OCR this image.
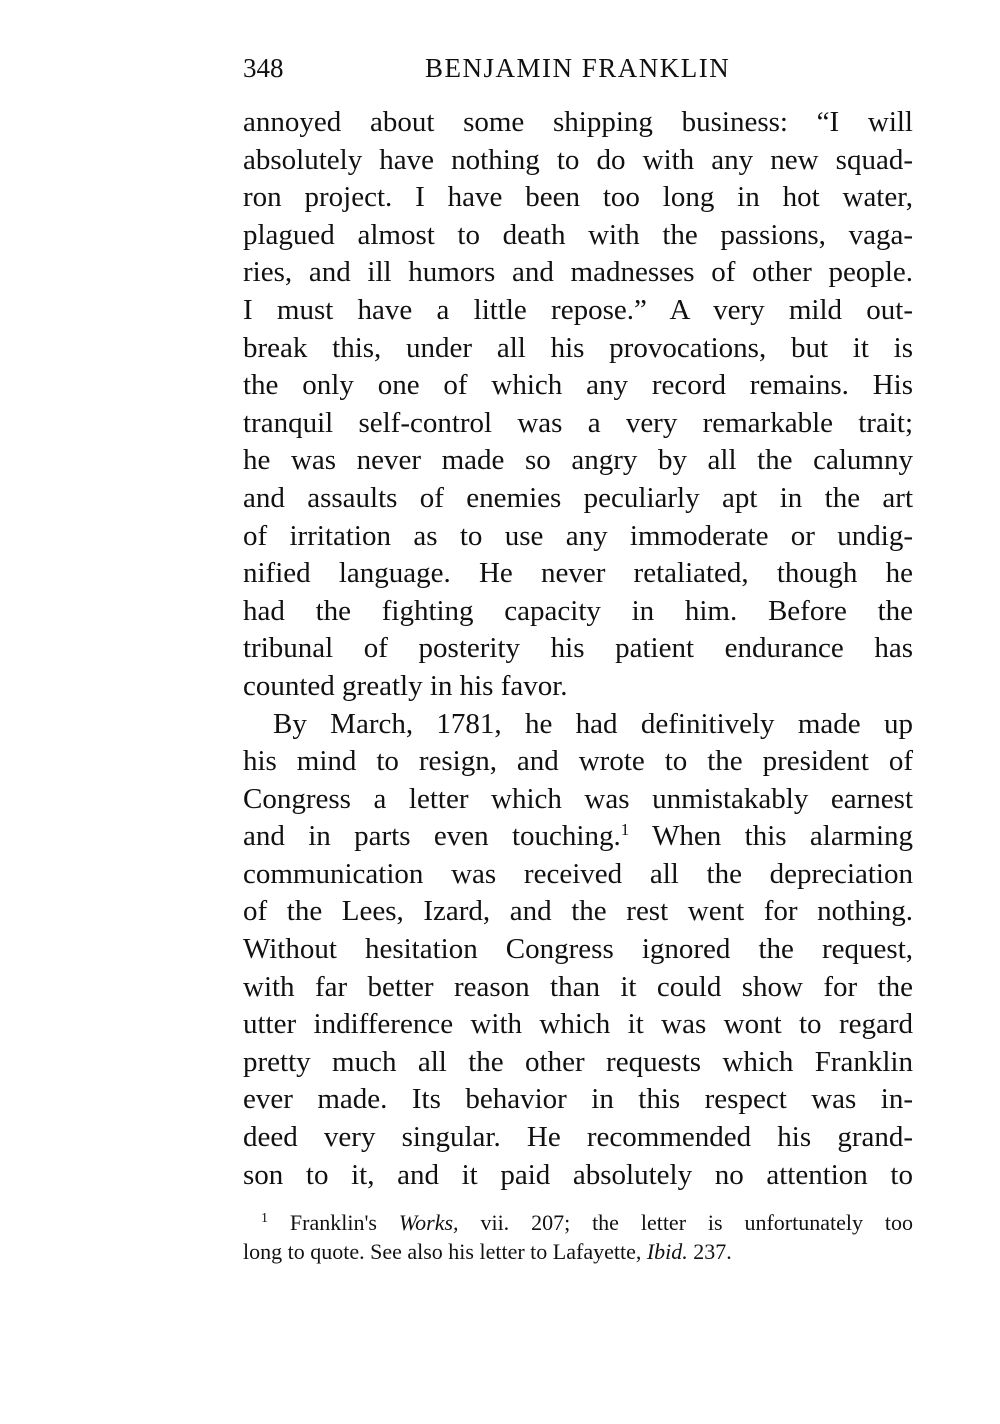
348	BENJAMIN FRANKLIN
annoyed about some shipping business: “I will
absolutely have nothing to do with any new squad-
ron project. I have been too long in hot water,
plagued almost to death with the passions, vaga-
ries, and ill humors and madnesses of other people.
I must have a little repose.” A very mild out-
break this, under all his provocations, but it is
the only one of which any record remains. His
tranquil self-control was a very remarkable trait;
he was never made so angry by all the calumny
and assaults of enemies peculiarly apt in the art
of irritation as to use any immoderate or undig-
nified language. He never retaliated, though he
had the fighting capacity in him. Before the
tribunal of posterity his patient endurance has
counted greatly in his favor.
By March, 1781, he had definitively made up
his mind to resign, and wrote to the president of
Congress a letter which was unmistakably earnest
and in parts even touching.$^1$ When this alarming
communication was received all the depreciation
of the Lees, Izard, and the rest went for nothing.
Without hesitation Congress ignored the request,
with far better reason than it could show for the
utter indifference with which it was wont to regard
pretty much all the other requests which Franklin
ever made. Its behavior in this respect was in-
deed very singular. He recommended his grand-
son to it, and it paid absolutely no attention to
$^1$ Franklin's Works, vii. 207; the letter is unfortunately too
long to quote. See also his letter to Lafayette, Ibid. 237.
